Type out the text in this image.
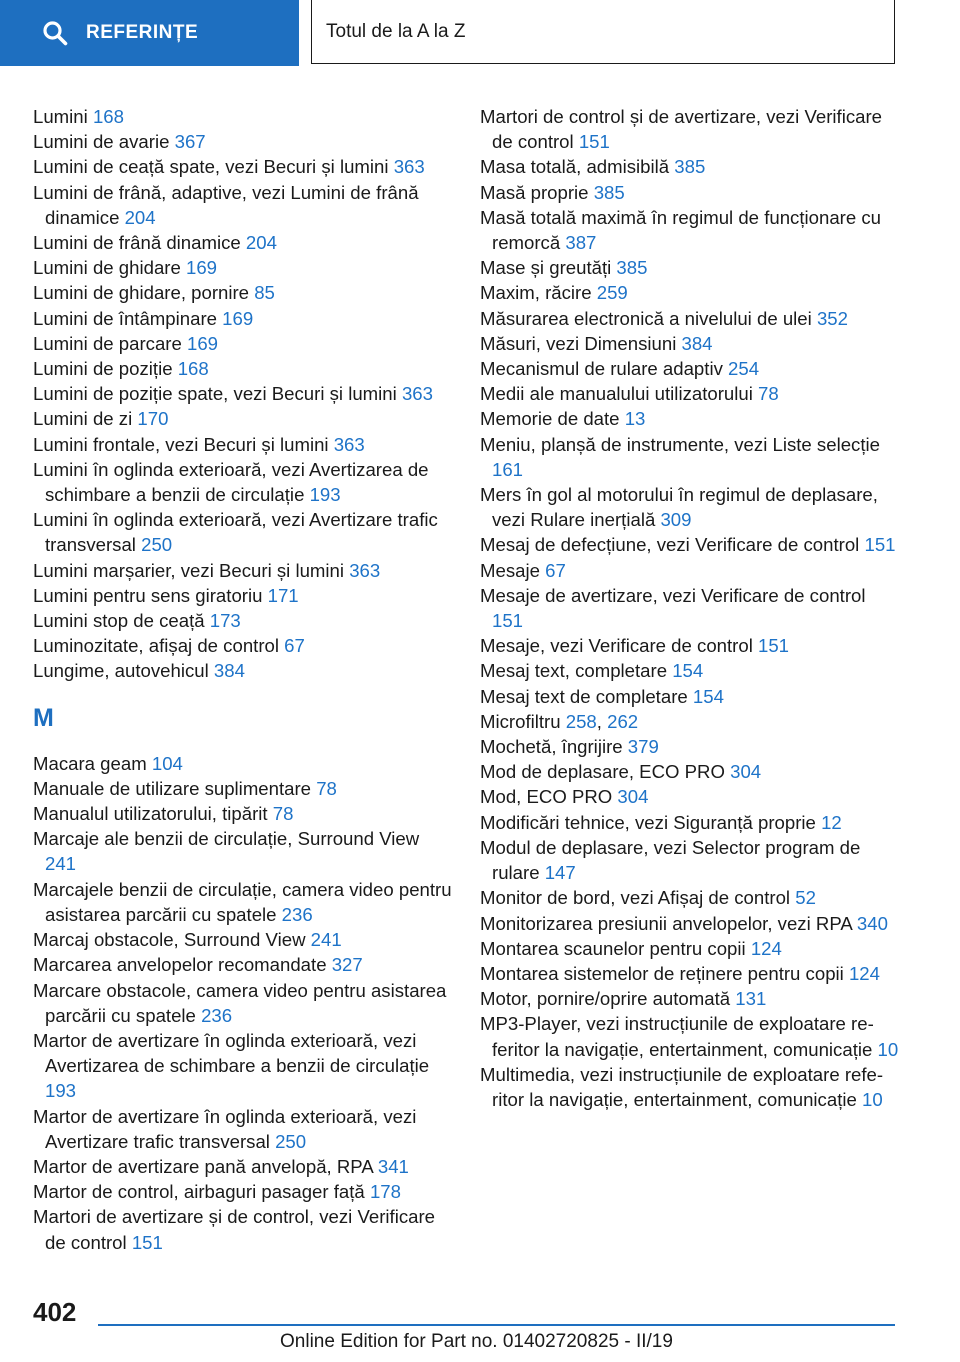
REFERINȚE	Totul de la A la Z
Lumini 168
Lumini de avarie 367
Lumini de ceață spate, vezi Becuri și lumini 363
Lumini de frână, adaptive, vezi Lumini de frână dinamice 204
Lumini de frână dinamice 204
Lumini de ghidare 169
Lumini de ghidare, pornire 85
Lumini de întâmpinare 169
Lumini de parcare 169
Lumini de poziție 168
Lumini de poziție spate, vezi Becuri și lumini 363
Lumini de zi 170
Lumini frontale, vezi Becuri și lumini 363
Lumini în oglinda exterioară, vezi Avertizarea de schimbare a benzii de circulație 193
Lumini în oglinda exterioară, vezi Avertizare trafic transversal 250
Lumini marșarier, vezi Becuri și lumini 363
Lumini pentru sens giratoriu 171
Lumini stop de ceață 173
Luminozitate, afișaj de control 67
Lungime, autovehicul 384
M
Macara geam 104
Manuale de utilizare suplimentare 78
Manualul utilizatorului, tipărit 78
Marcaje ale benzii de circulație, Surround View 241
Marcajele benzii de circulație, camera video pentru asistarea parcării cu spatele 236
Marcaj obstacole, Surround View 241
Marcarea anvelopelor recomandate 327
Marcare obstacole, camera video pentru asistarea parcării cu spatele 236
Martor de avertizare în oglinda exterioară, vezi Avertizarea de schimbare a benzii de circulație 193
Martor de avertizare în oglinda exterioară, vezi Avertizare trafic transversal 250
Martor de avertizare pană anvelopă, RPA 341
Martor de control, airbaguri pasager față 178
Martori de avertizare și de control, vezi Verificare de control 151
Martori de control și de avertizare, vezi Verificare de control 151
Masa totală, admisibilă 385
Masă proprie 385
Masă totală maximă în regimul de funcționare cu remorcă 387
Mase și greutăți 385
Maxim, răcire 259
Măsurarea electronică a nivelului de ulei 352
Măsuri, vezi Dimensiuni 384
Mecanismul de rulare adaptiv 254
Medii ale manualului utilizatorului 78
Memorie de date 13
Meniu, planșă de instrumente, vezi Liste selecție 161
Mers în gol al motorului în regimul de deplasare, vezi Rulare inerțială 309
Mesaj de defecțiune, vezi Verificare de control 151
Mesaje 67
Mesaje de avertizare, vezi Verificare de control 151
Mesaje, vezi Verificare de control 151
Mesaj text, completare 154
Mesaj text de completare 154
Microfiltru 258, 262
Mochetă, îngrijire 379
Mod de deplasare, ECO PRO 304
Mod, ECO PRO 304
Modificări tehnice, vezi Siguranță proprie 12
Modul de deplasare, vezi Selector program de rulare 147
Monitor de bord, vezi Afișaj de control 52
Monitorizarea presiunii anvelopelor, vezi RPA 340
Montarea scaunelor pentru copii 124
Montarea sistemelor de reținere pentru copii 124
Motor, pornire/oprire automată 131
MP3-Player, vezi instrucțiunile de exploatare referitor la navigație, entertainment, comunicație 10
Multimedia, vezi instrucțiunile de exploatare referitor la navigație, entertainment, comunicație 10
402
Online Edition for Part no. 01402720825 - II/19
